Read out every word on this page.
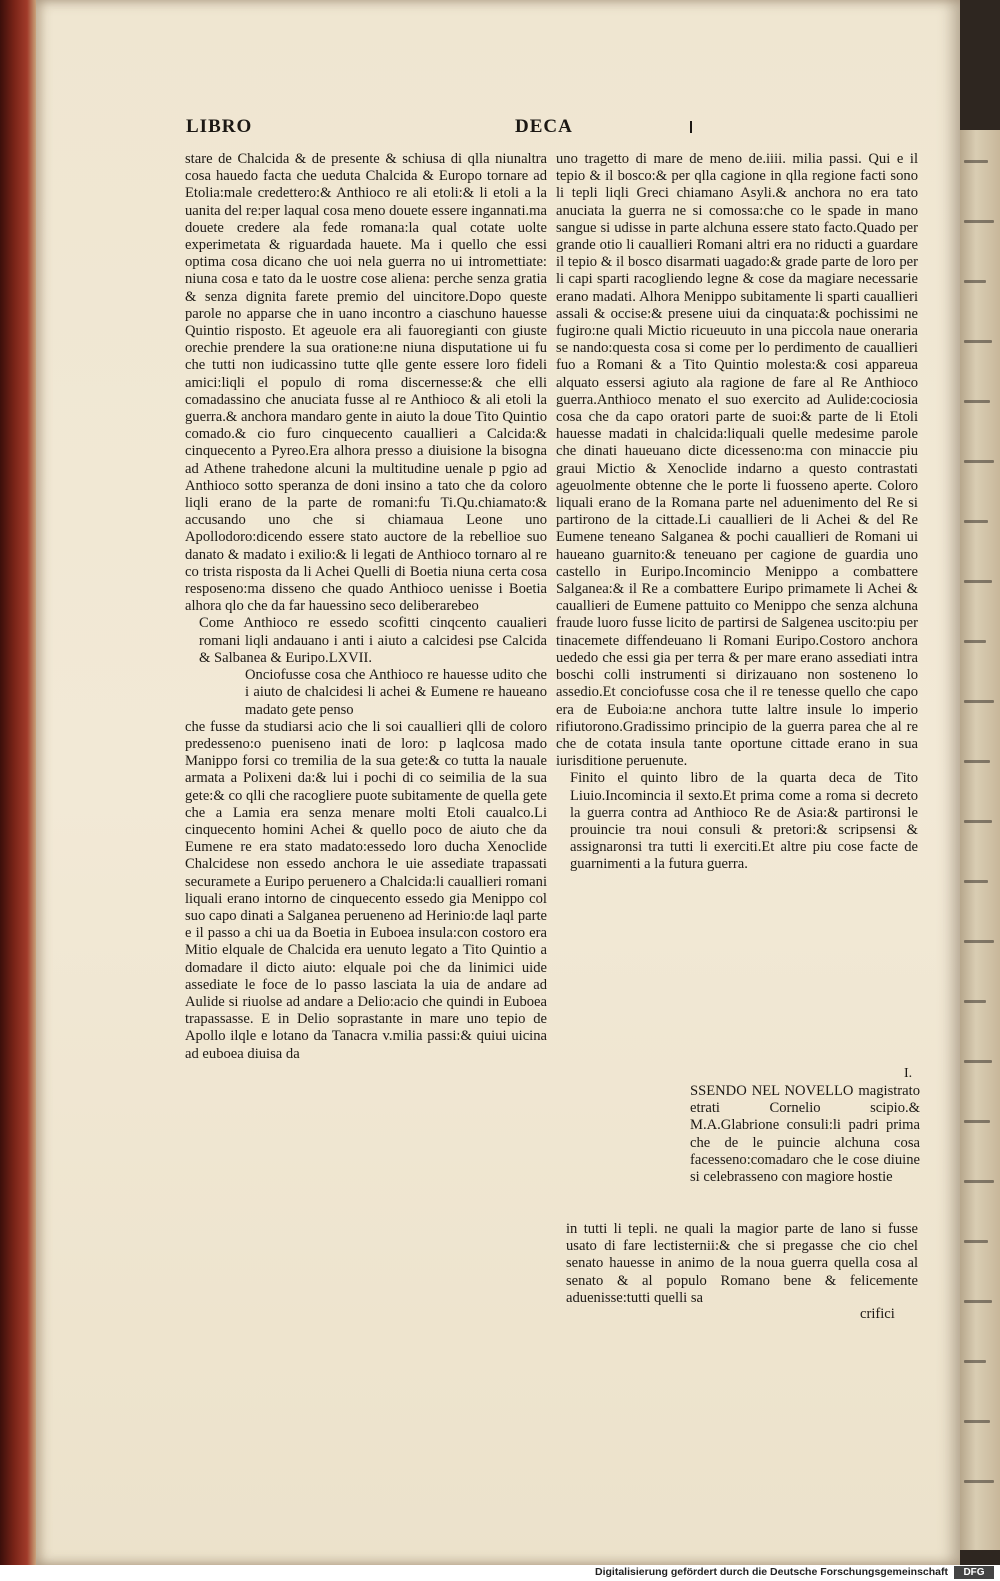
LIBRO	DECA

stare de Chalcida & de presente & schiusa di qlla niunaltra cosa hauedo facta che ueduta Chalcida & Europo tornare ad Etolia:male credettero:& Anthioco re ali etoli:& li etoli a la uanita del re:per laqual cosa meno douete essere ingannati.ma douete credere ala fede romana:la qual cotate uolte experimetata & riguardada hauete. Ma i quello che essi optima cosa dicano che uoi nela guerra no ui intromettiate: niuna cosa e tato da le uostre cose aliena: perche senza gratia & senza dignita farete premio del uincitore.Dopo queste parole no apparse che in uano incontro a ciaschuno hauesse Quintio risposto. Et ageuole era ali fauoregianti con giuste orechie prendere la sua oratione:ne niuna disputatione ui fu che tutti non iudicassino tutte qlle gente essere loro fideli amici:liqli el populo di roma discernesse:& che elli comadassino che anuciata fusse al re Anthioco & ali etoli la guerra.& anchora mandaro gente in aiuto la doue Tito Quintio comado.& cio furo cinquecento cauallieri a Calcida:& cinquecento a Pyreo.Era alhora presso a diuisione la bisogna ad Athene trahedone alcuni la multitudine uenale p pgio ad Anthioco sotto speranza de doni insino a tato che da coloro liqli erano de la parte de romani:fu Ti.Qu.chiamato:& accusando uno che si chiamaua Leone uno Apollodoro:dicendo essere stato auctore de la rebellioe suo danato & madato i exilio:& li legati de Anthioco tornaro al re co trista risposta da li Achei Quelli di Boetia niuna certa cosa resposeno:ma disseno che quado Anthioco uenisse i Boetia alhora qlo che da far hauessino seco deliberarebeo

Come Anthioco re essedo scofitti cinqcento caualieri romani liqli andauano i anti i aiuto a calcidesi pse Calcida & Salbanea & Euripo.LXVII.

Onciofusse cosa che Anthioco re hauesse udito che i aiuto de chalcidesi li achei & Eumene re haueano madato gete penso

che fusse da studiarsi acio che li soi cauallieri qlli de coloro predesseno:o pueniseno inati de loro: p laqlcosa mado Manippo forsi co tremilia de la sua gete:& co tutta la nauale armata a Polixeni da:& lui i pochi di co seimilia de la sua gete:& co qlli che racogliere puote subitamente de quella gete che a Lamia era senza menare molti Etoli caualco.Li cinquecento homini Achei & quello poco de aiuto che da Eumene re era stato madato:essedo loro ducha Xenoclide Chalcidese non essedo anchora le uie assediate trapassati securamete a Euripo peruenero a Chalcida:li cauallieri romani liquali erano intorno de cinquecento essedo gia Menippo col suo capo dinati a Salganea perueneno ad Herinio:de laql parte e il passo a chi ua da Boetia in Euboea insula:con costoro era Mitio elquale de Chalcida era uenuto legato a Tito Quintio a domadare il dicto aiuto: elquale poi che da linimici uide assediate le foce de lo passo lasciata la uia de andare ad Aulide si riuolse ad andare a Delio:acio che quindi in Euboea trapassasse. E in Delio soprastante in mare uno tepio de Apollo ilqle e lotano da Tanacra v.milia passi:& quiui uicina ad euboea diuisa da

uno tragetto di mare de meno de.iiii. milia passi. Qui e il tepio & il bosco:& per qlla cagione in qlla regione facti sono li tepli liqli Greci chiamano Asyli.& anchora no era tato anuciata la guerra ne si comossa:che co le spade in mano sangue si udisse in parte alchuna essere stato facto.Quado per grande otio li cauallieri Romani altri era no riducti a guardare il tepio & il bosco disarmati uagado:& grade parte de loro per li capi sparti racogliendo legne & cose da magiare necessarie erano madati. Alhora Menippo subitamente li sparti cauallieri assali & occise:& presene uiui da cinquata:& pochissimi ne fugiro:ne quali Mictio ricueuuto in una piccola naue oneraria se nando:questa cosa si come per lo perdimento de cauallieri fuo a Romani & a Tito Quintio molesta:& cosi appareua alquato essersi agiuto ala ragione de fare al Re Anthioco guerra.Anthioco menato el suo exercito ad Aulide:cociosia cosa che da capo oratori parte de suoi:& parte de li Etoli hauesse madati in chalcida:liquali quelle medesime parole che dinati haueuano dicte dicesseno:ma con minaccie piu graui Mictio & Xenoclide indarno a questo contrastati ageuolmente obtenne che le porte li fuosseno aperte. Coloro liquali erano de la Romana parte nel aduenimento del Re si partirono de la cittade.Li cauallieri de li Achei & del Re Eumene teneano Salganea & pochi cauallieri de Romani ui haueano guarnito:& teneuano per cagione de guardia uno castello in Euripo.Incomincio Menippo a combattere Salganea:& il Re a combattere Euripo primamete li Achei & cauallieri de Eumene pattuito co Menippo che senza alchuna fraude luoro fusse licito de partirsi de Salgenea uscito:piu per tinacemete diffendeuano li Romani Euripo.Costoro anchora uededo che essi gia per terra & per mare erano assediati intra boschi colli instrumenti si dirizauano non sosteneno lo assedio.Et conciofusse cosa che il re tenesse quello che capo era de Euboia:ne anchora tutte laltre insule lo imperio rifiutorono.Gradissimo principio de la guerra parea che al re che de cotata insula tante oportune cittade erano in sua iurisditione peruenute.

Finito el quinto libro de la quarta deca de Tito Liuio.Incomincia il sexto.Et prima come a roma si decreto la guerra contra ad Anthioco Re de Asia:& partironsi le prouincie tra noui consuli & pretori:& scripsensi & assignaronsi tra tutti li exerciti.Et altre piu cose facte de guarnimenti a la futura guerra.

I.
SSENDO NEL NOVELLO magistrato etrati Cornelio scipio.& M.A.Glabrione consuli:li padri prima che de le puincie alchuna cosa facesseno:comadaro che le cose diuine si celebrasseno con magiore hostie
in tutti li tepli. ne quali la magior parte de lano si fusse usato di fare lectisternii:& che si pregasse che cio chel senato hauesse in animo de la noua guerra quella cosa al senato & al populo Romano bene & felicemente aduenisse:tutti quelli sa
crifici
Digitalisierung gefördert durch die Deutsche Forschungsgemeinschaft	DFG
